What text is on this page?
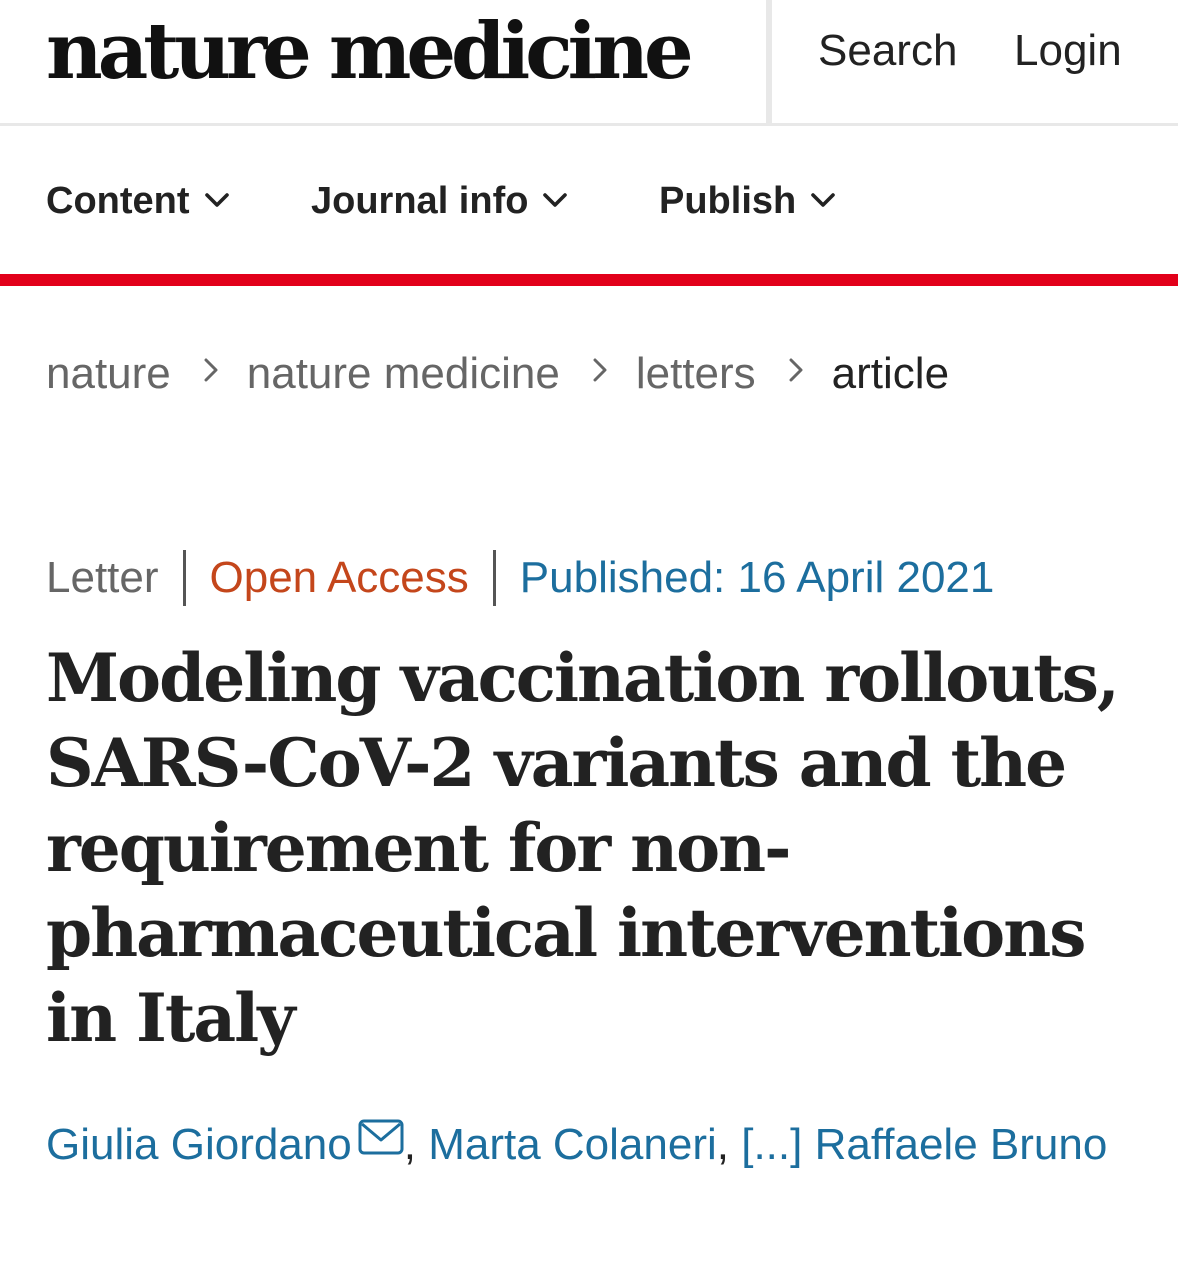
nature medicine	Search Login
Content	Journal info	Publish
nature nature medicine letters article
Letter Open Access Published: 16 April 2021
Modeling vaccination rollouts, SARS-CoV-2 variants and the requirement for non-pharmaceutical interventions in Italy
Giulia Giordano , Marta Colaneri, [...] Raffaele Bruno
